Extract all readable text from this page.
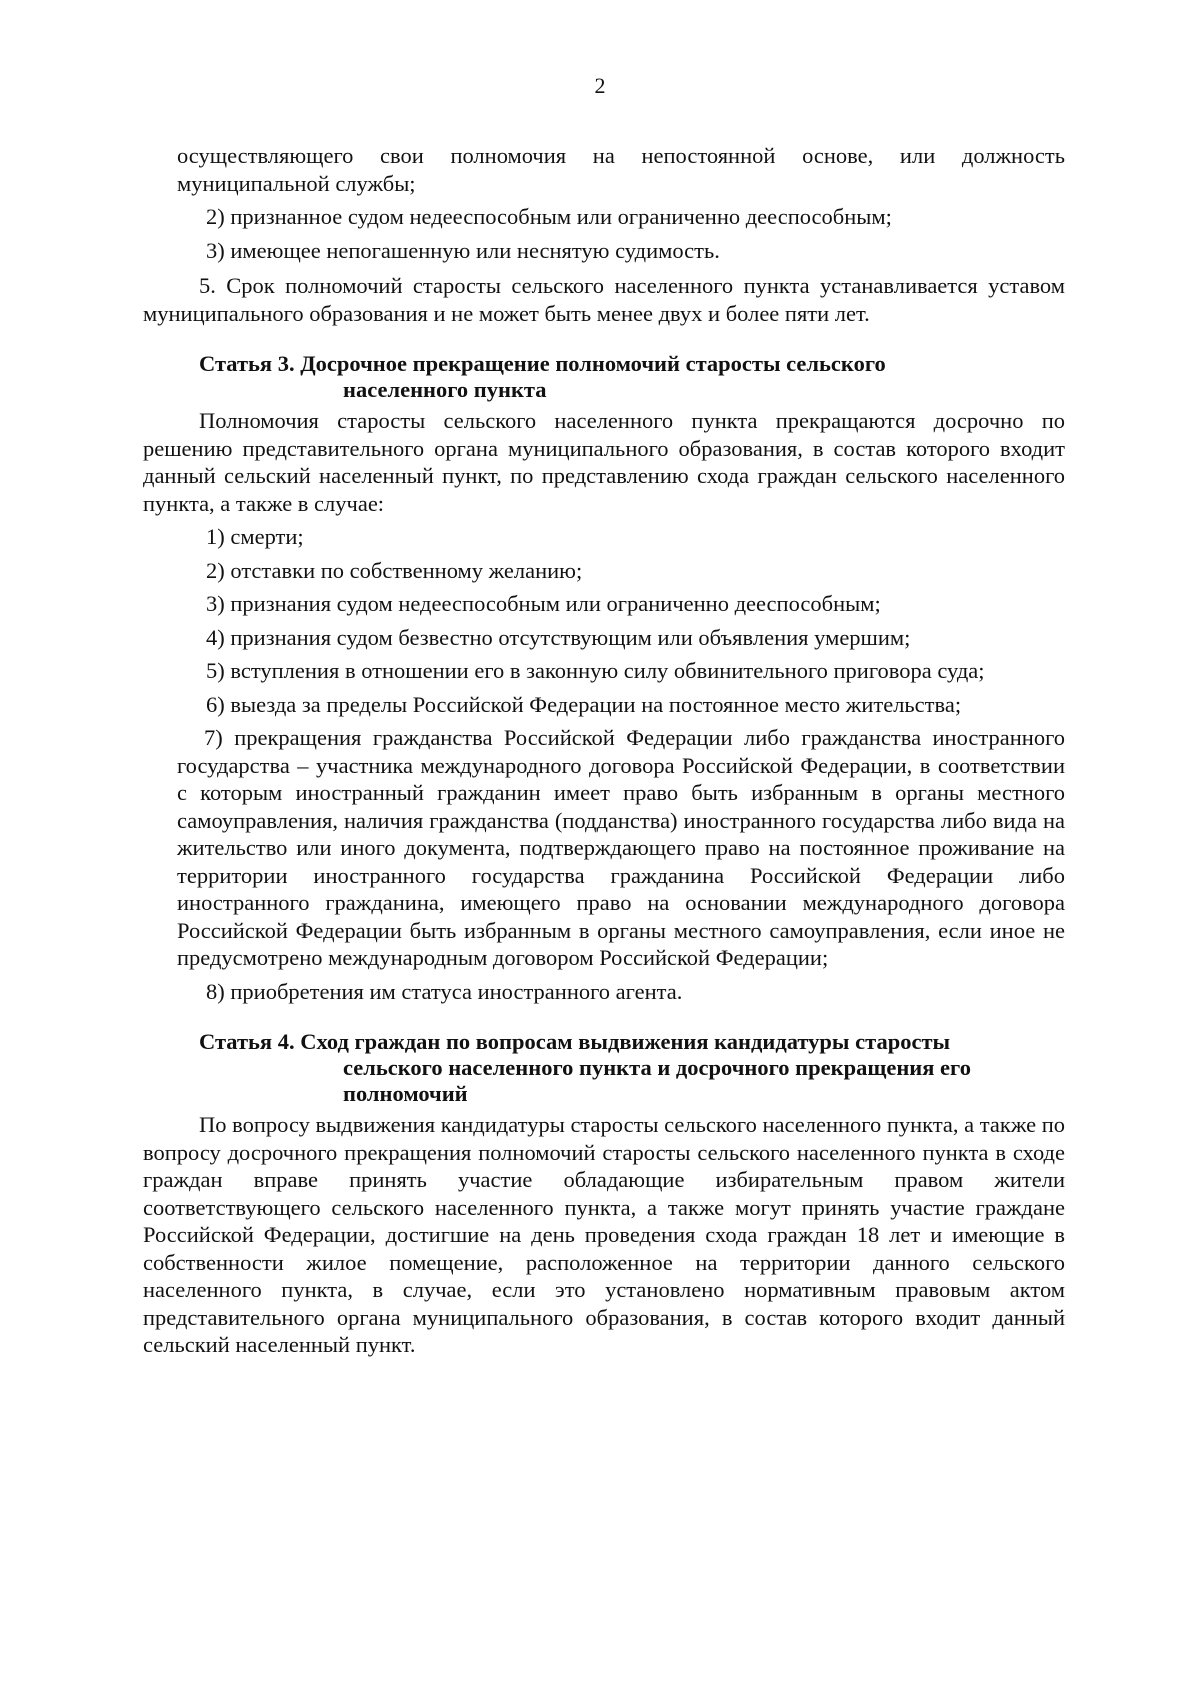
2

осуществляющего свои полномочия на непостоянной основе, или должность муниципальной службы;

2) признанное судом недееспособным или ограниченно дееспособным;

3) имеющее непогашенную или неснятую судимость.

5. Срок полномочий старосты сельского населенного пункта устанавливается уставом муниципального образования и не может быть менее двух и более пяти лет.

Статья 3. Досрочное прекращение полномочий старосты сельского населенного пункта

Полномочия старосты сельского населенного пункта прекращаются досрочно по решению представительного органа муниципального образования, в состав которого входит данный сельский населенный пункт, по представлению схода граждан сельского населенного пункта, а также в случае:

1) смерти;

2) отставки по собственному желанию;

3) признания судом недееспособным или ограниченно дееспособным;

4) признания судом безвестно отсутствующим или объявления умершим;

5) вступления в отношении его в законную силу обвинительного приговора суда;

6) выезда за пределы Российской Федерации на постоянное место жительства;

7) прекращения гражданства Российской Федерации либо гражданства иностранного государства – участника международного договора Российской Федерации, в соответствии с которым иностранный гражданин имеет право быть избранным в органы местного самоуправления, наличия гражданства (подданства) иностранного государства либо вида на жительство или иного документа, подтверждающего право на постоянное проживание на территории иностранного государства гражданина Российской Федерации либо иностранного гражданина, имеющего право на основании международного договора Российской Федерации быть избранным в органы местного самоуправления, если иное не предусмотрено международным договором Российской Федерации;

8) приобретения им статуса иностранного агента.

Статья 4. Сход граждан по вопросам выдвижения кандидатуры старосты сельского населенного пункта и досрочного прекращения его полномочий

По вопросу выдвижения кандидатуры старосты сельского населенного пункта, а также по вопросу досрочного прекращения полномочий старосты сельского населенного пункта в сходе граждан вправе принять участие обладающие избирательным правом жители соответствующего сельского населенного пункта, а также могут принять участие граждане Российской Федерации, достигшие на день проведения схода граждан 18 лет и имеющие в собственности жилое помещение, расположенное на территории данного сельского населенного пункта, в случае, если это установлено нормативным правовым актом представительного органа муниципального образования, в состав которого входит данный сельский населенный пункт.
